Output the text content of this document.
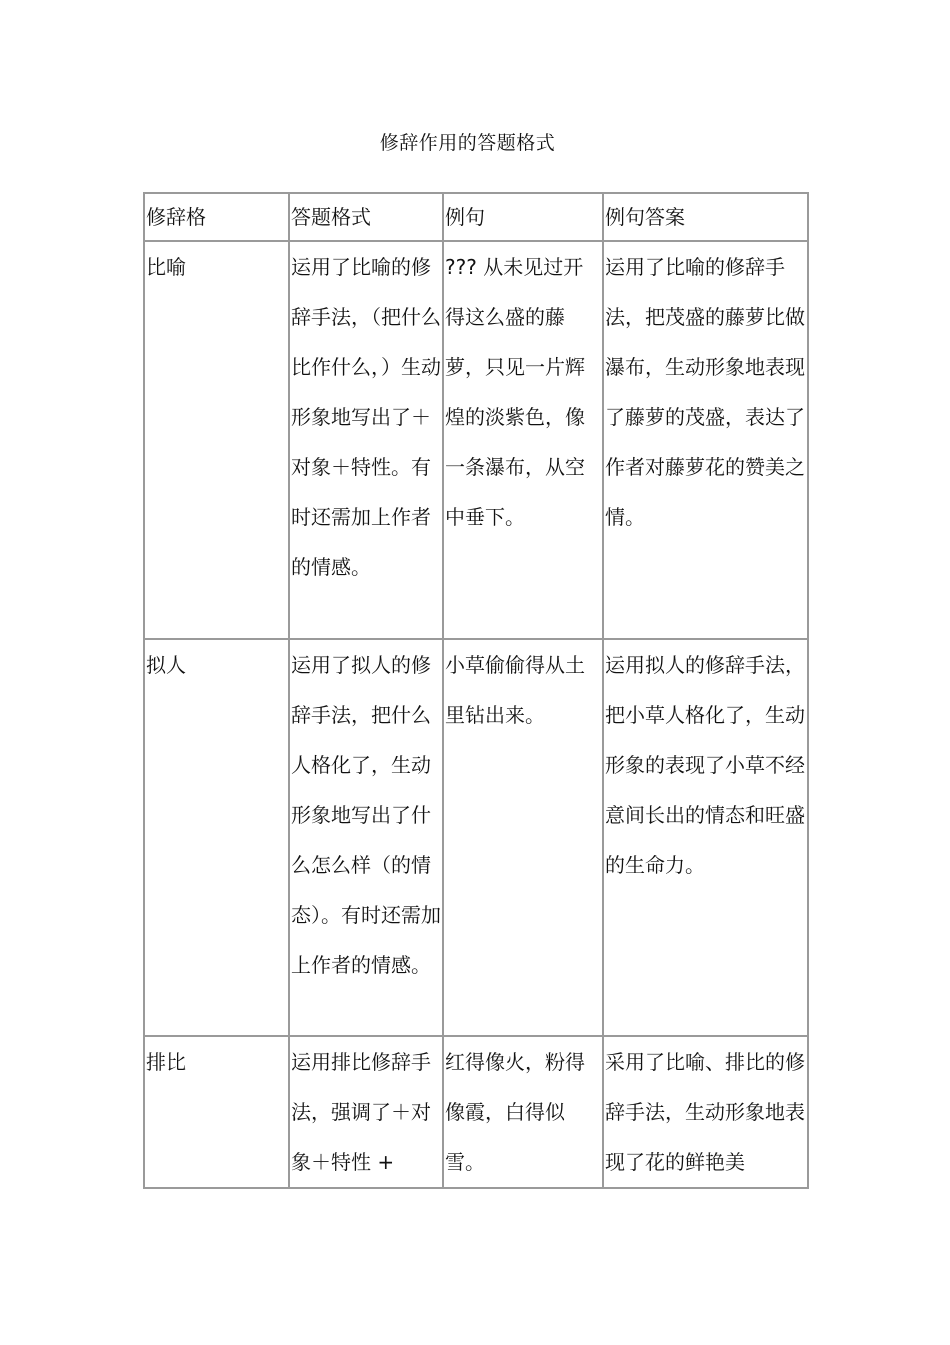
修辞作用的答题格式
修辞格	答题格式	例句	例句答案
比喻	运用了比喻的修辞手法，（把什么比作什么，）生动形象地写出了＋对象＋特性。有时还需加上作者的情感。	??? 从未见过开得这么盛的藤萝，只见一片辉煌的淡紫色，像一条瀑布，从空中垂下。	运用了比喻的修辞手法，把茂盛的藤萝比做瀑布，生动形象地表现了藤萝的茂盛，表达了作者对藤萝花的赞美之情。
拟人	运用了拟人的修辞手法，把什么人格化了，生动形象地写出了什么怎么样（的情态）。有时还需加上作者的情感。	小草偷偷得从土里钻出来。	运用拟人的修辞手法，把小草人格化了，生动形象的表现了小草不经意间长出的情态和旺盛的生命力。
排比	运用排比修辞手法，强调了＋对象＋特性 +	红得像火，粉得像霞，白得似雪。	采用了比喻、排比的修辞手法，生动形象地表现了花的鲜艳美
